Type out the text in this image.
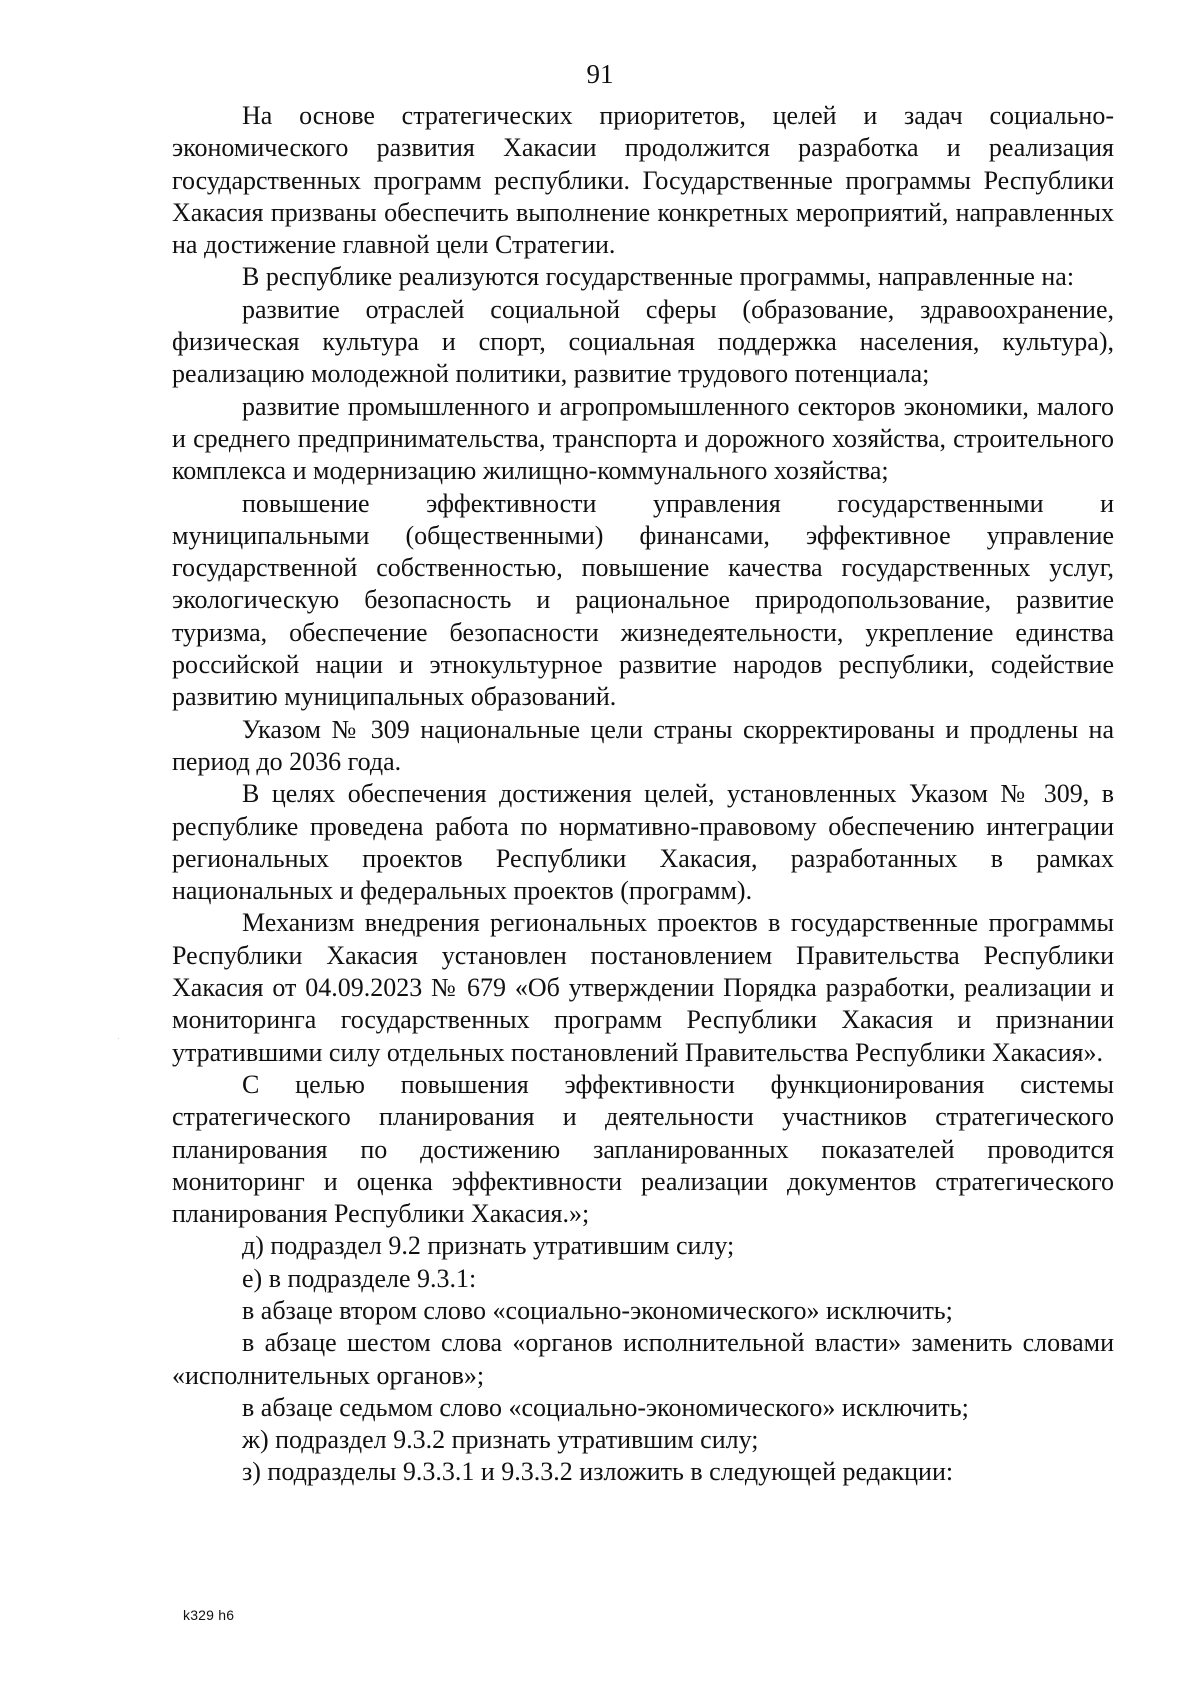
91

На основе стратегических приоритетов, целей и задач социально-экономического развития Хакасии продолжится разработка и реализация государственных программ республики. Государственные программы Республики Хакасия призваны обеспечить выполнение конкретных мероприятий, направленных на достижение главной цели Стратегии.

В республике реализуются государственные программы, направленные на:

развитие отраслей социальной сферы (образование, здравоохранение, физическая культура и спорт, социальная поддержка населения, культура), реализацию молодежной политики, развитие трудового потенциала;

развитие промышленного и агропромышленного секторов экономики, малого и среднего предпринимательства, транспорта и дорожного хозяйства, строительного комплекса и модернизацию жилищно-коммунального хозяйства;

повышение эффективности управления государственными и муниципальными (общественными) финансами, эффективное управление государственной собственностью, повышение качества государственных услуг, экологическую безопасность и рациональное природопользование, развитие туризма, обеспечение безопасности жизнедеятельности, укрепление единства российской нации и этнокультурное развитие народов республики, содействие развитию муниципальных образований.

Указом № 309 национальные цели страны скорректированы и продлены на период до 2036 года.

В целях обеспечения достижения целей, установленных Указом № 309, в республике проведена работа по нормативно-правовому обеспечению интеграции региональных проектов Республики Хакасия, разработанных в рамках национальных и федеральных проектов (программ).

Механизм внедрения региональных проектов в государственные программы Республики Хакасия установлен постановлением Правительства Республики Хакасия от 04.09.2023 № 679 «Об утверждении Порядка разработки, реализации и мониторинга государственных программ Республики Хакасия и признании утратившими силу отдельных постановлений Правительства Республики Хакасия».

С целью повышения эффективности функционирования системы стратегического планирования и деятельности участников стратегического планирования по достижению запланированных показателей проводится мониторинг и оценка эффективности реализации документов стратегического планирования Республики Хакасия.»;

д) подраздел 9.2 признать утратившим силу;

е) в подразделе 9.3.1:

в абзаце втором слово «социально-экономического» исключить;

в абзаце шестом слова «органов исполнительной власти» заменить словами «исполнительных органов»;

в абзаце седьмом слово «социально-экономического» исключить;

ж) подраздел 9.3.2 признать утратившим силу;

з) подразделы 9.3.3.1 и 9.3.3.2 изложить в следующей редакции:

k329 h6
